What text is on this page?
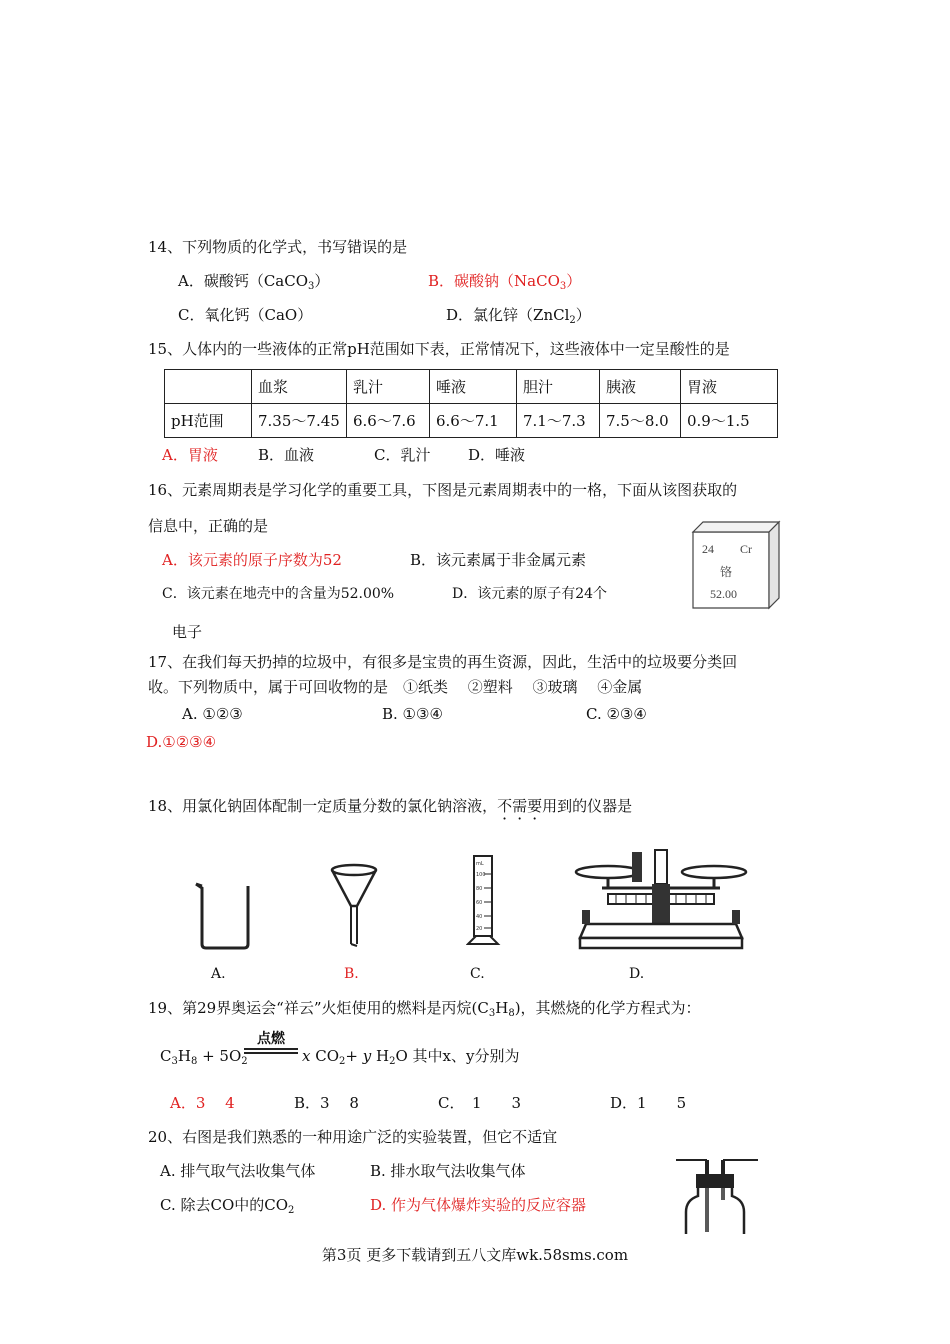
14、下列物质的化学式，书写错误的是
A．碳酸钙（CaCO$_3$）	B．碳酸钠（NaCO$_3$）
C．氧化钙（CaO）	D．氯化锌（ZnCl$_2$）
15、人体内的一些液体的正常pH范围如下表，正常情况下，这些液体中一定呈酸性的是
	血浆	乳汁	唾液	胆汁	胰液	胃液
pH范围	7.35～7.45	6.6～7.6	6.6～7.1	7.1～7.3	7.5～8.0	0.9～1.5
A．胃液	B．血液	C．乳汁	D．唾液
16、元素周期表是学习化学的重要工具，下图是元素周期表中的一格，下面从该图获取的
信息中，正确的是
A．该元素的原子序数为52	B．该元素属于非金属元素
C．该元素在地壳中的含量为52.00%	D．该元素的原子有24个
电子
24 Cr
铬
52.00
17、在我们每天扔掉的垃圾中，有很多是宝贵的再生资源，因此，生活中的垃圾要分类回
收。下列物质中，属于可回收物的是　①纸类　 ②塑料　 ③玻璃　 ④金属
A. ①②③	B. ①③④	C. ②③④
D.①②③④
18、用氯化钠固体配制一定质量分数的氯化钠溶液，不需要用到的仪器是
mL
100
80
60
40
20
A.	B.	C.	D.
19、第29界奥运会“祥云”火炬使用的燃料是丙烷$(C_3H_8)$，其燃烧的化学方程式为：
点燃
$C_3H_8 + 5O_2$	x $CO_2+ y$ $H_2O$ 其中x、y分别为
A．3　 4	B．3　 8	C．　1　　3	D．1　　5
20、右图是我们熟悉的一种用途广泛的实验装置，但它不适宜
A. 排气取气法收集气体	B. 排水取气法收集气体
C. 除去CO中的$CO_2$	D. 作为气体爆炸实验的反应容器
第3页 更多下载请到五八文库wk.58sms.com
